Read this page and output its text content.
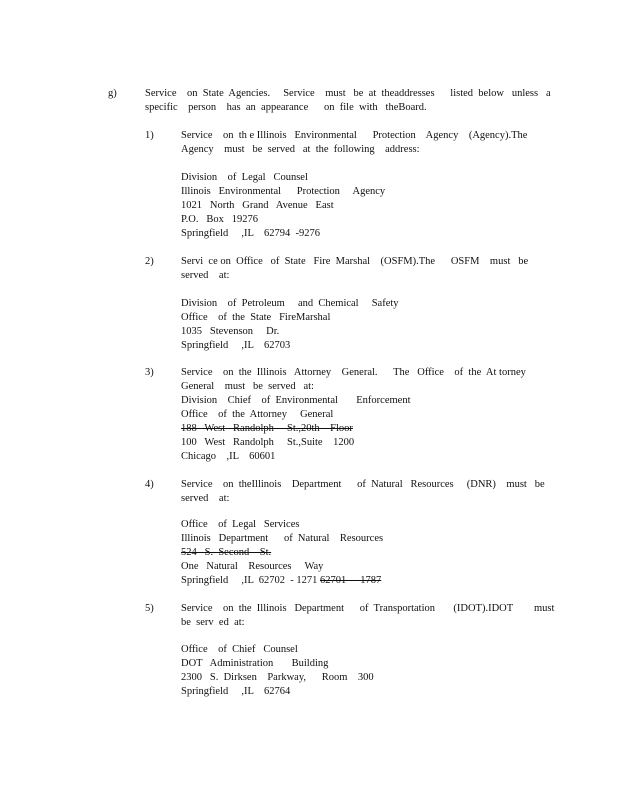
g)	Service    on  State  Agencies.     Service    must   be  at  theaddresses      listed  below   unless   a
specific    person    has  an  appearance      on  file  with   theBoard.
1)	Service    on  th e Illinois   Environmental      Protection    Agency    (Agency).The
Agency    must   be  served   at  the  following    address:
Division    of  Legal   Counsel
Illinois   Environmental      Protection     Agency
1021   North   Grand   Avenue   East
P.O.   Box   19276
Springfield     ,IL    62794  -9276
2)	Servi  ce on  Office   of  State   Fire  Marshal    (OSFM).The      OSFM    must   be
served    at:
Division    of  Petroleum     and  Chemical     Safety
Office    of  the  State   FireMarshal
1035   Stevenson     Dr.
Springfield     ,IL    62703
3)	Service    on  the  Illinois   Attorney    General.      The   Office    of  the  At torney
General    must   be  served   at:
Division    Chief    of  Environmental       Enforcement
Office    of  the  Attorney     General
188   West   Randolph     St.,20th    Floor
100   West   Randolph     St.,Suite    1200
Chicago    ,IL    60601
4)	Service    on  theIllinois    Department      of  Natural   Resources     (DNR)    must   be
served    at:
Office    of  Legal   Services
Illinois   Department      of  Natural    Resources
524   S.  Second    St.
One   Natural    Resources     Way
Springfield     ,IL  62702  - 1271 62701    -1787
5)	Service    on  the  Illinois   Department      of  Transportation       (IDOT).IDOT        must
be  serv  ed  at:
Office    of  Chief   Counsel
DOT   Administration       Building
2300   S.  Dirksen    Parkway,      Room    300
Springfield     ,IL    62764
